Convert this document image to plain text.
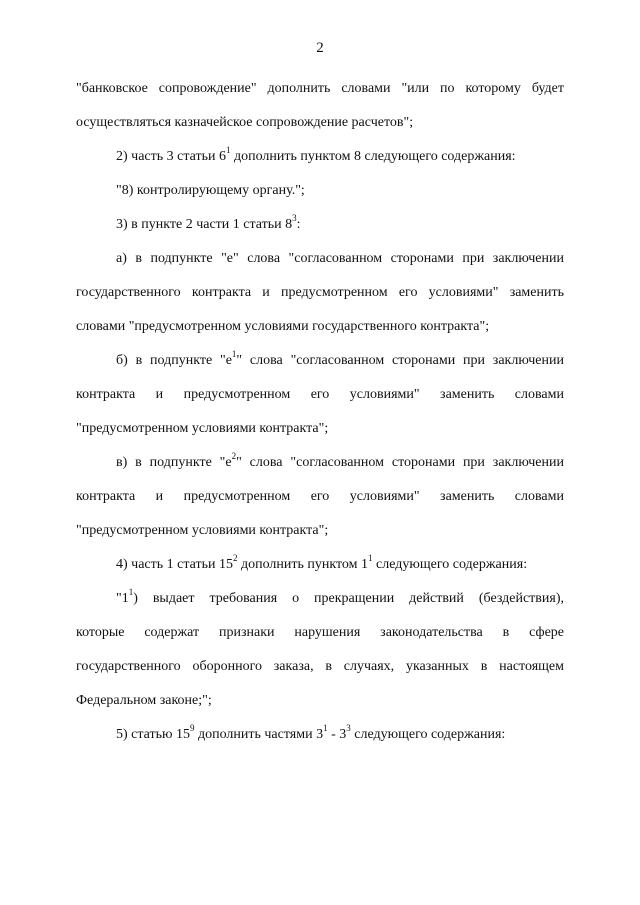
2

"банковское сопровождение" дополнить словами "или по которому будет

осуществляться казначейское сопровождение расчетов";

2) часть 3 статьи $6^1$ дополнить пунктом 8 следующего содержания:

"8) контролирующему органу.";

3) в пункте 2 части 1 статьи $8^3$:

а) в подпункте "е" слова "согласованном сторонами при заключении

государственного контракта и предусмотренном его условиями" заменить

словами "предусмотренном условиями государственного контракта";

б) в подпункте "$е^1$" слова "согласованном сторонами при заключении

контракта и предусмотренном его условиями" заменить словами

"предусмотренном условиями контракта";

в) в подпункте "$е^2$" слова "согласованном сторонами при заключении

контракта и предусмотренном его условиями" заменить словами

"предусмотренном условиями контракта";

4) часть 1 статьи $15^2$ дополнить пунктом $1^1$ следующего содержания:

"$1^1$) выдает требования о прекращении действий (бездействия),

которые содержат признаки нарушения законодательства в сфере

государственного оборонного заказа, в случаях, указанных в настоящем

Федеральном законе;";

5) статью $15^9$ дополнить частями $3^1 - 3^3$ следующего содержания:
